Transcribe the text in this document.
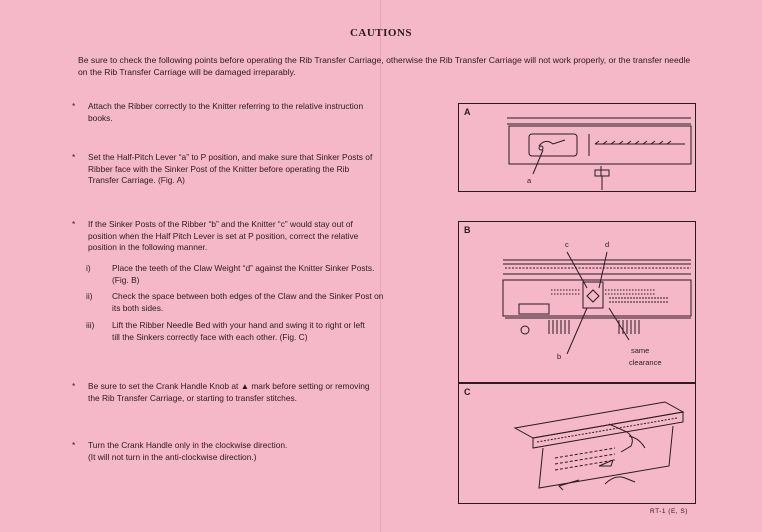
CAUTIONS
Be sure to check the following points before operating the Rib Transfer Carriage, otherwise the Rib Transfer Carriage will not work properly, or the transfer needle on the Rib Transfer Carriage will be damaged irreparably.
* Attach the Ribber correctly to the Knitter referring to the relative instruction
books.
* Set the Half-Pitch Lever “a” to P position, and make sure that Sinker Posts of
Ribber face with the Sinker Post of the Knitter before operating the Rib
Transfer Carriage. (Fig. A)
* If the Sinker Posts of the Ribber “b” and the Knitter “c” would stay out of
position when the Half Pitch Lever is set at P position, correct the relative
position in the following manner.
i)	Place the teeth of the Claw Weight “d” against the Knitter Sinker Posts.
(Fig. B)
ii) Check the space between both edges of the Claw and the Sinker Post on
its both sides.
iii) Lift the Ribber Needle Bed with your hand and swing it to right or left
till the Sinkers correctly face with each other. (Fig. C)
* Be sure to set the Crank Handle Knob at ▲ mark before setting or removing
the Rib Transfer Carriage, or starting to transfer stitches.
* Turn the Crank Handle only in the clockwise direction.
(It will not turn in the anti-clockwise direction.)
A
a
B
c	d
b
same
clearance
C
RT-1 (E, S)
